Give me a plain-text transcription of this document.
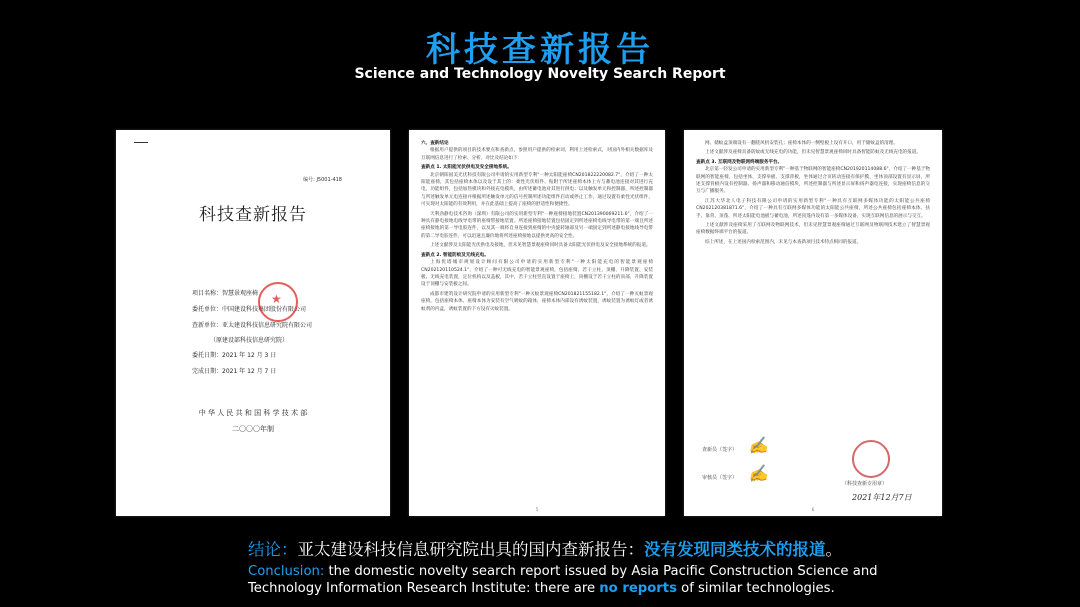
科技查新报告
Science and Technology Novelty Search Report
编号: J5001-418
科技查新报告
项目名称：智慧景观座椅
委托单位：中国建设科技集团股份有限公司
查新单位：亚太建设科技信息研究院有限公司
（原建设部科技信息研究院）
委托日期：2021 年 12 月 3 日
完成日期：2021 年 12 月 7 日
★
中 华 人 民 共 和 国 科 学 技 术 部
二〇〇〇年制
六、查新结论

根据用户提供的项目的技术要点和查新点，参照用户提供的检索词，利用上述检索式，对国内外相关数据库及互联网信息进行了检索、分析，对比及结论如下：

查新点 1. 太阳能光伏供电及安全接地系统。

北京朝阳国美光伏科技有限公司申请的实用新型专利"一种太阳能座椅CN201822220082.7"，介绍了一种太阳能座椅，其包括座椅本体以及设于其上的：柔性光伏组件、贴附于所述座椅本体上方与蓄电池连接对其进行充电，功能组件，包括加热模块和外接充电模块，由所述蓄电池对其进行供电；以及触发单元和控制器，所述控制器与所述触发单元电连接并根据所述触发单元的信号控制所述功能组件启动或停止工作，通过设置有柔性光伏组件，可实现对太阳能的有效利用，并在此基础上提高了座椅的舒适性和便捷性。

天利劲静电技术咨询（深圳）有限公司的实用新型专利"一种座椅接地装置CN201390069211.6"，介绍了一种具有静电接地电线导电带的座椅带接地装置。所述座椅接地装置包括固定到所述座椅电线导电带的第一端且所述座椅接地的第一导电胶连件，以及其一端将自身连接到座椅的中央旋转轴部及另一端固定到所述静电接地线导电带的第二导电胶连件，可以迅速且廉价地将所述座椅接地以提供更高的安全性。

上述文献涉及太阳能光伏供电及接地，但未见智慧景观座椅同时具备太阳能光伏供电及安全接地系统的报道。

查新点 2. 智能防蚊及无线充电。

上海优塔城市规划设计顾问有限公司申请的实用新型专利"一种太阳能充电的智能景观座椅 CN202120110524.1"，介绍了一种可无线充电的智能景观座椅，包括座椅、若干立柱、顶棚、升降装置、安装板、无线充电装置，定位机构以及盖板，其中，若干立柱竖直设置于座椅上，顶棚设于若干立柱的顶部，升降装置设于顶棚与安装板之间。

成都市建筑设计研究院申请的实用新型专利"一种灭蚊景观座椅CN201821155182.1"，介绍了一种灭蚊景观座椅，包括座椅本体、座椅本体为安装有空气吸蚊的箱体，座椅本体内部设有诱蚊装置，诱蚊装置为诱蚊灯或者诱蚊剂的内盒，诱蚊装置的下方设有灭蚊装置。

5

网、储蚊盒顶端设有一翻绕风机安装孔；座椅本体的一侧壁板上设有开口，用于储蚊盒的清理。

上述文献涉及座椅具备防蚊或无线充电的功能，但未见智慧景观座椅同时具备智能防蚊及无线充电的报道。

查新点 3. 互联网及物联网终端服务平台。

北京第一轻发公司申请的实用新型专利"一种基于物联网的智能座椅CN201920114088.6"，介绍了一种基于物联网的智能座椅，包括坐体、支撑举板、支撑背板，坐体通过合页转动连接有保护膜，坐体顶部设置有显示屏，所述支撑背板内设有控制器、扬声器和移动通信模块，所述控制器与所述显示屏和扬声器电连接，实现座椅信息的交互与广播服务。

江苏大华北人电子科技有限公司申请的实用新型专利"一种具有互联网多媒体功能的太阳能公共座椅CN202120381871.6"，介绍了一种具有互联网多媒体功能的太阳能公共座椅，所述公共座椅包括座椅本体、扶手、靠背、顶蓬、所述太阳能电池板与蓄电池，所述顶蓬内设有第一多媒体设备，实现互联网信息的展示与交互。

上述文献涉及座椅采用了互联网及物联网技术，但未见智慧景观座椅通过互联网及物联网技术建立了智慧景观座椅数据终端平台的报道。

综上所述，在上述国内检索范围内，未见与本查新项目技术特点相同的报道。

查新员（签字） ✍
审核员（签字） ✍
（科技查新专用章）
2021年12月7日
6
结论：亚太建设科技信息研究院出具的国内查新报告：没有发现同类技术的报道。
Conclusion: the domestic novelty search report issued by Asia Pacific Construction Science and Technology Information Research Institute: there are no reports of similar technologies.
